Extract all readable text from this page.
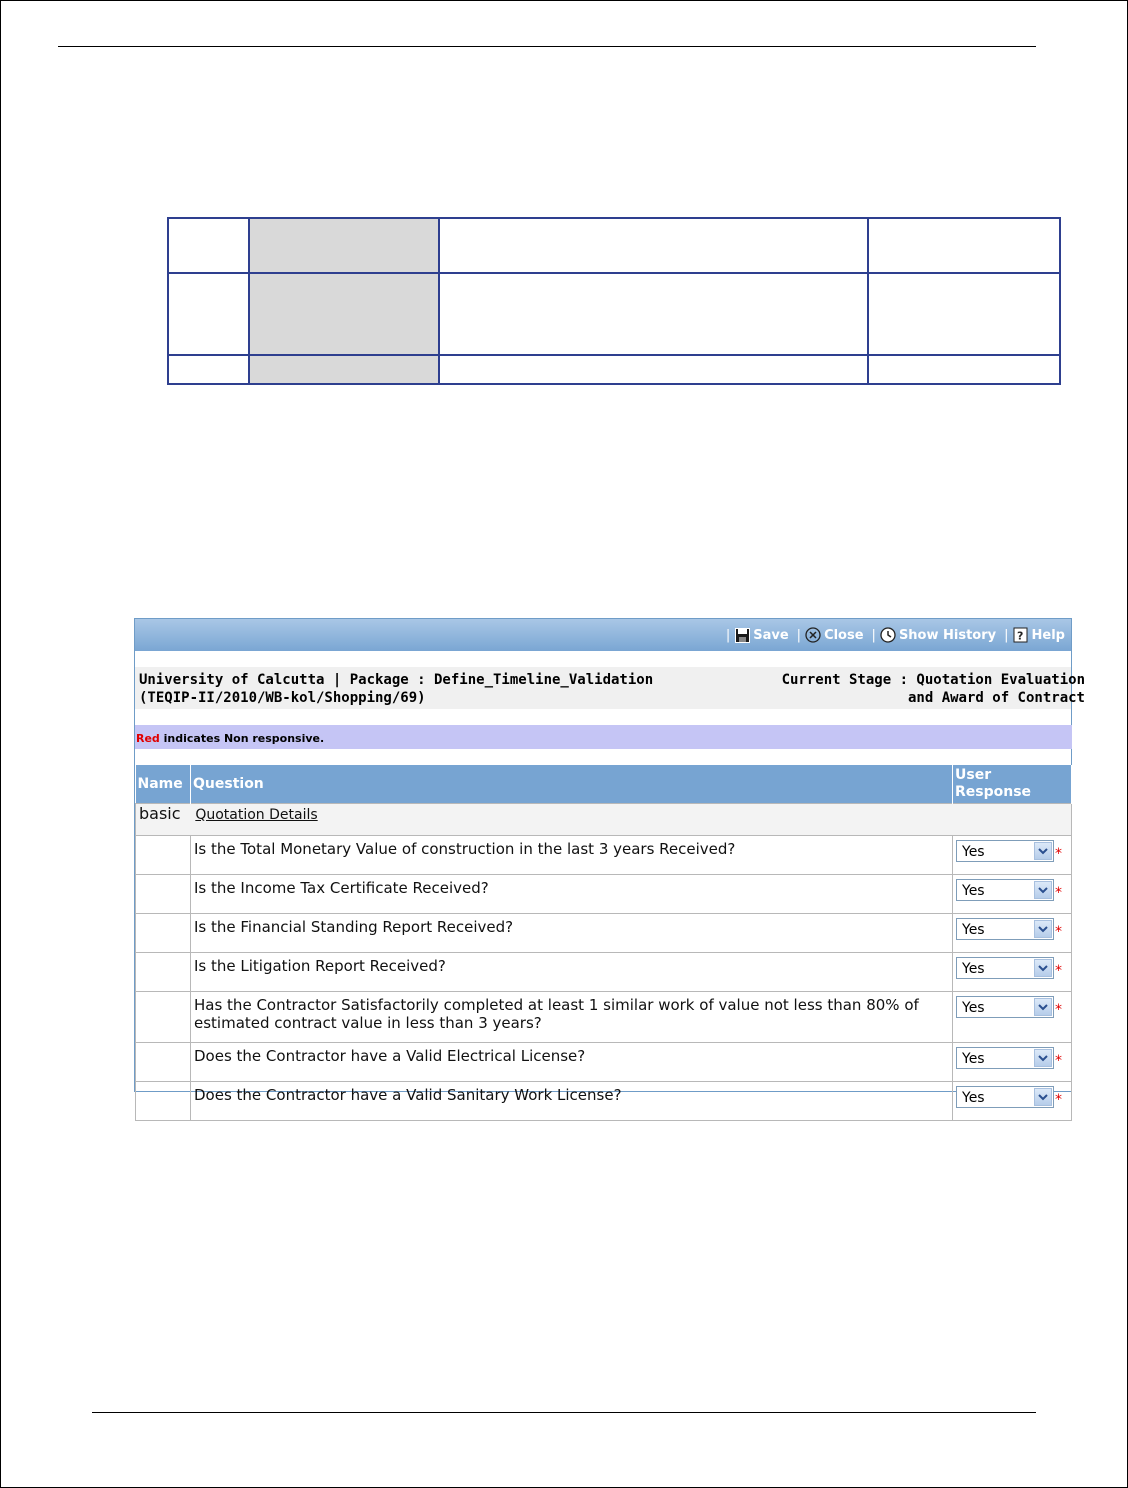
| Save | Close | Show History | ? Help
University of Calcutta | Package : Define_Timeline_Validation
(TEQIP-II/2010/WB-kol/Shopping/69)
Current Stage : Quotation Evaluation
and Award of Contract
Red indicates Non responsive.
Name	Question	User
Response

basic Quotation Details		
	Is the Total Monetary Value of construction in the last 3 years Received?	Yes *

	Is the Income Tax Certificate Received?	Yes *

	Is the Financial Standing Report Received?	Yes *

	Is the Litigation Report Received?	Yes *

	Has the Contractor Satisfactorily completed at least 1 similar work of value not less than 80% of estimated contract value in less than 3 years?	Yes *

	Does the Contractor have a Valid Electrical License?	Yes *

	Does the Contractor have a Valid Sanitary Work License?	Yes *
